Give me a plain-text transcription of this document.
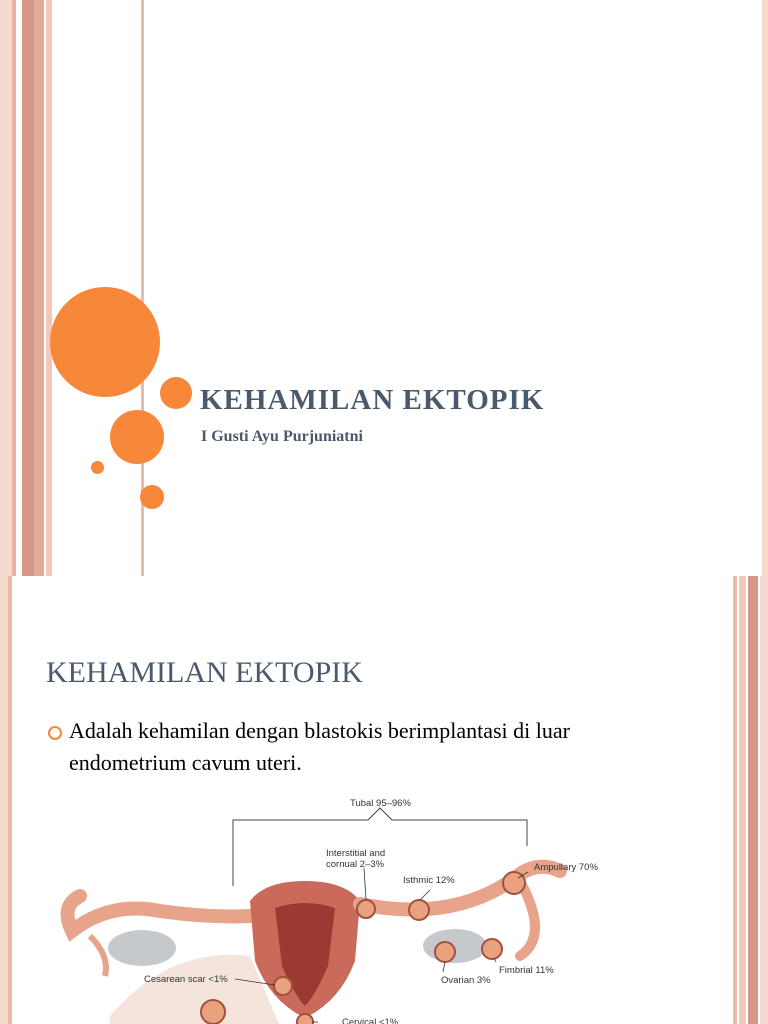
KEHAMILAN EKTOPIK
I Gusti Ayu Purjuniatni
KEHAMILAN EKTOPIK
Adalah kehamilan dengan blastokis berimplantasi di luar endometrium cavum uteri.
Tubal 95–96%
Interstitial and
cornual 2–3%
Isthmic 12%
Ampullary 70%
Fimbrial 11%
Ovarian 3%
Cesarean scar <1%
Cervical <1%
